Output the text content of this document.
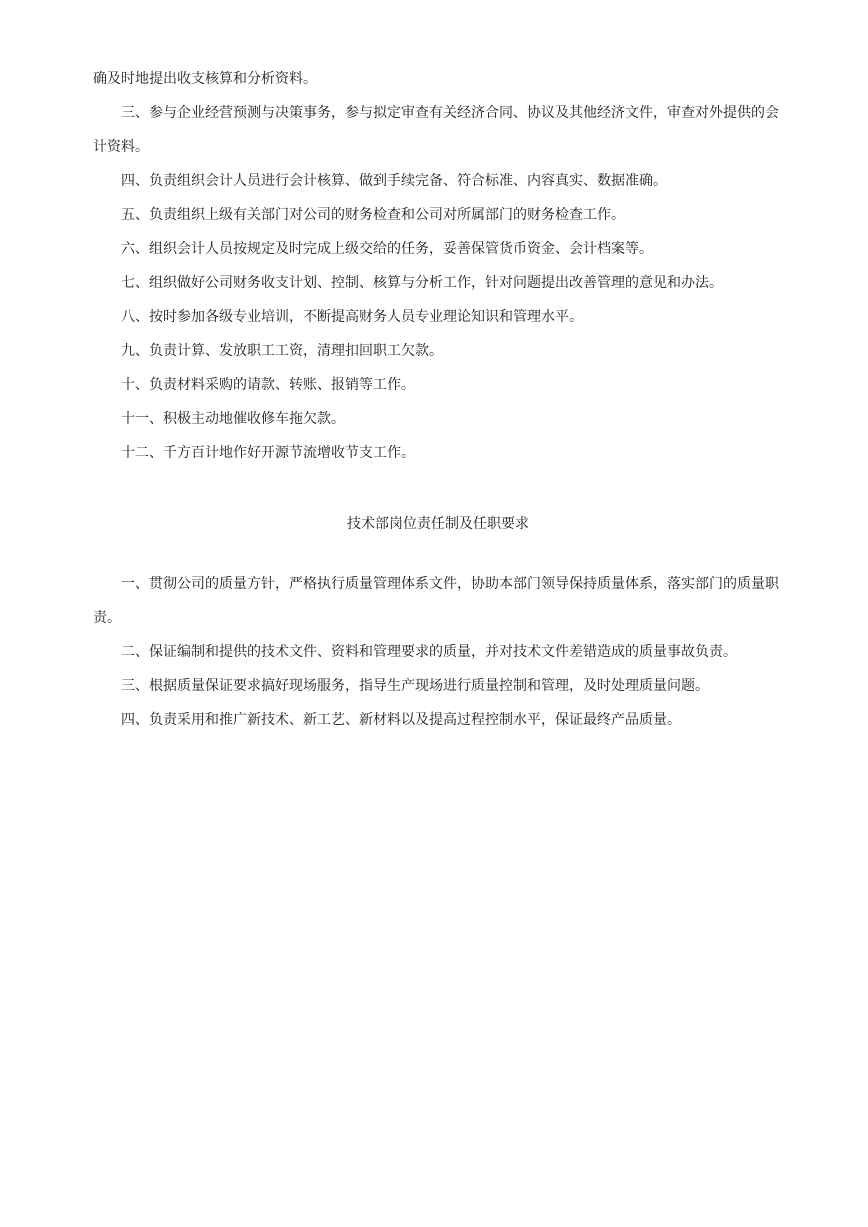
确及时地提出收支核算和分析资料。

三、参与企业经营预测与决策事务，参与拟定审查有关经济合同、协议及其他经济文件，审查对外提供的会计资料。

四、负责组织会计人员进行会计核算、做到手续完备、符合标准、内容真实、数据准确。

五、负责组织上级有关部门对公司的财务检查和公司对所属部门的财务检查工作。

六、组织会计人员按规定及时完成上级交给的任务，妥善保管货币资金、会计档案等。

七、组织做好公司财务收支计划、控制、核算与分析工作，针对问题提出改善管理的意见和办法。

八、按时参加各级专业培训，不断提高财务人员专业理论知识和管理水平。

九、负责计算、发放职工工资，清理扣回职工欠款。

十、负责材料采购的请款、转账、报销等工作。

十一、积极主动地催收修车拖欠款。

十二、千方百计地作好开源节流增收节支工作。

技术部岗位责任制及任职要求

一、贯彻公司的质量方针，严格执行质量管理体系文件，协助本部门领导保持质量体系，落实部门的质量职责。

二、保证编制和提供的技术文件、资料和管理要求的质量，并对技术文件差错造成的质量事故负责。

三、根据质量保证要求搞好现场服务，指导生产现场进行质量控制和管理，及时处理质量问题。

四、负责采用和推广新技术、新工艺、新材料以及提高过程控制水平，保证最终产品质量。
